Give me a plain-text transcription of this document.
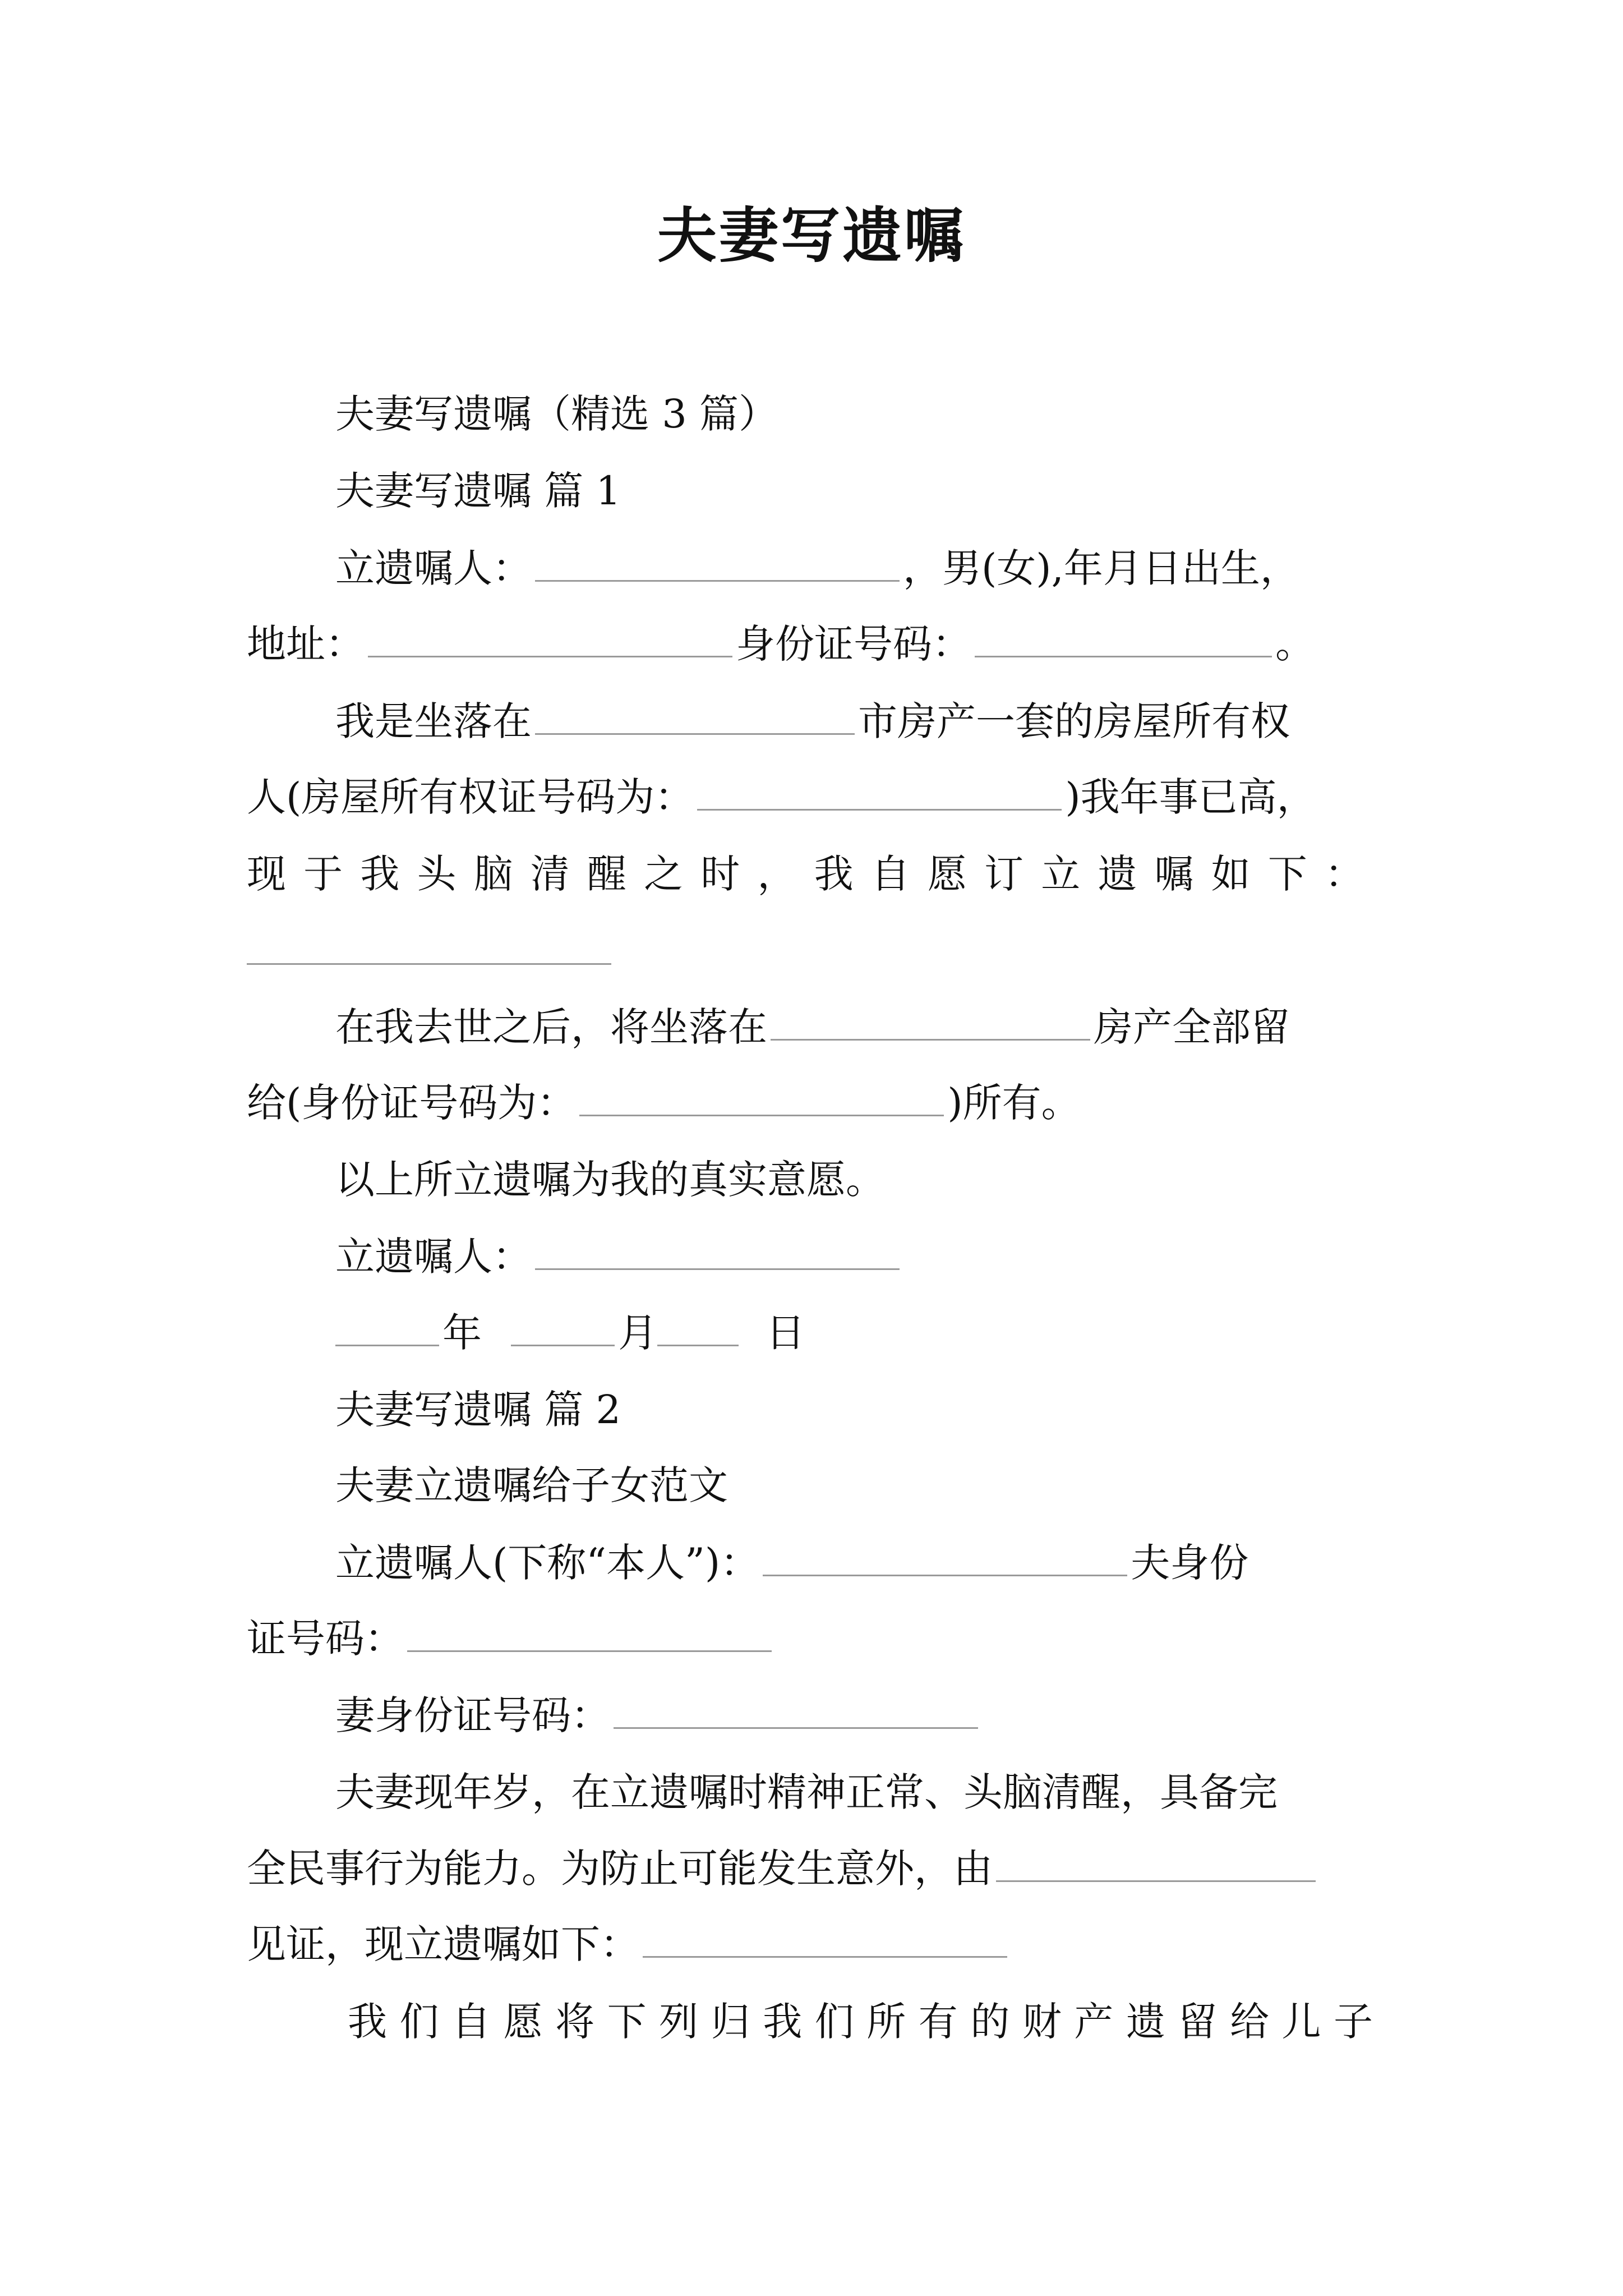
夫妻写遗嘱
夫妻写遗嘱（精选 3 篇）
夫妻写遗嘱 篇 1
立遗嘱人：	，男(女),年月日出生，
地址：	身份证号码：	。
我是坐落在	市房产一套的房屋所有权
人(房屋所有权证号码为：	)我年事已高，
现于我头脑清醒之时，我自愿订立遗嘱如下：
在我去世之后，将坐落在	房产全部留
给(身份证号码为：	)所有。
以上所立遗嘱为我的真实意愿。
立遗嘱人：
年	月	日
夫妻写遗嘱 篇 2
夫妻立遗嘱给子女范文
立遗嘱人(下称“本人”)：	夫身份
证号码：
妻身份证号码：
夫妻现年岁，在立遗嘱时精神正常、头脑清醒，具备完
全民事行为能力。为防止可能发生意外，由
见证，现立遗嘱如下：
我们自愿将下列归我们所有的财产遗留给儿子
